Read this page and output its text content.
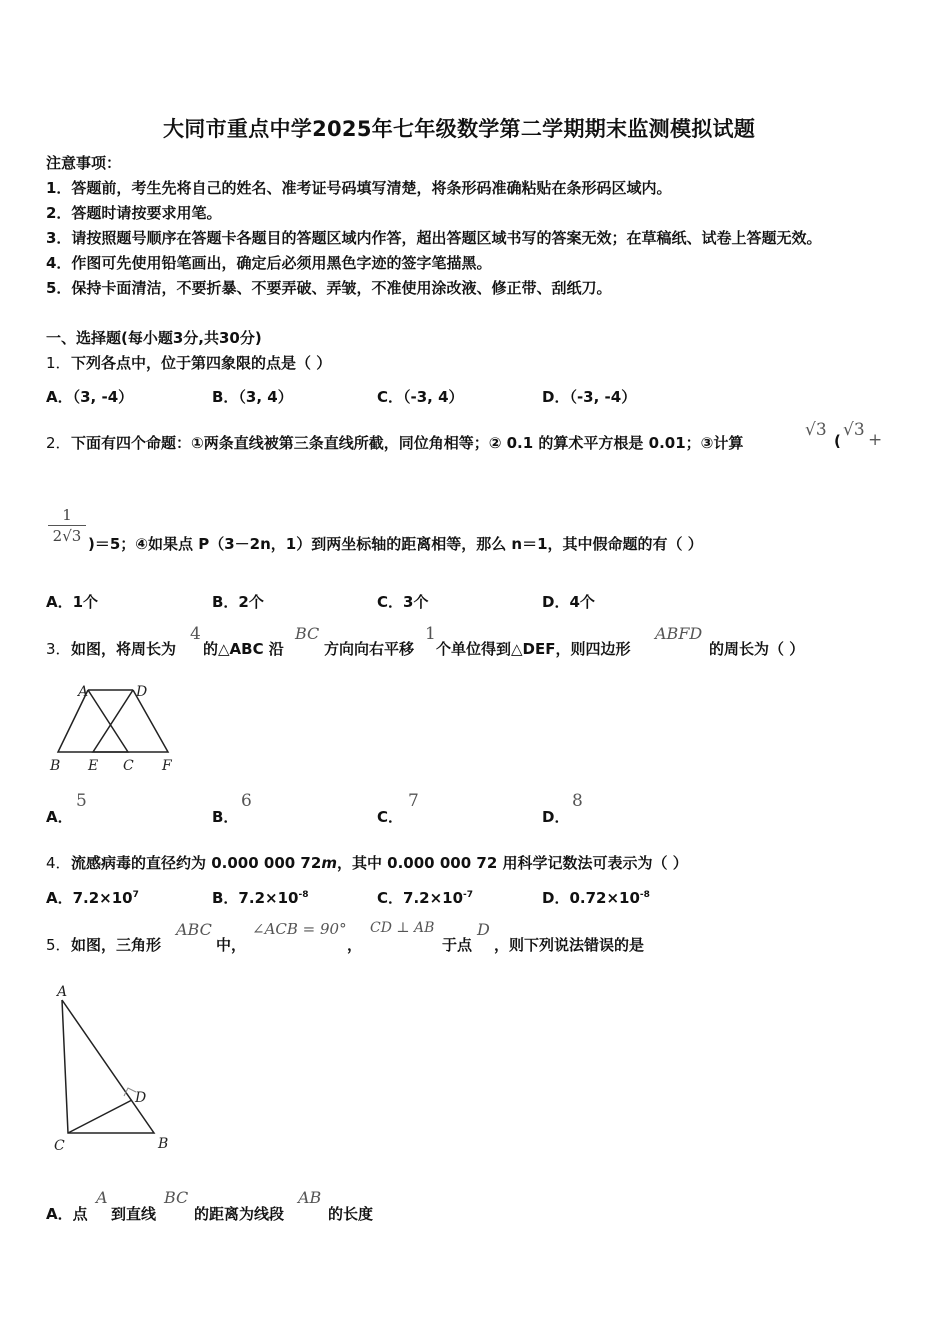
大同市重点中学2025年七年级数学第二学期期末监测模拟试题
注意事项：
1．答题前，考生先将自己的姓名、准考证号码填写清楚，将条形码准确粘贴在条形码区域内。
2．答题时请按要求用笔。
3．请按照题号顺序在答题卡各题目的答题区域内作答，超出答题区域书写的答案无效；在草稿纸、试卷上答题无效。
4．作图可先使用铅笔画出，确定后必须用黑色字迹的签字笔描黑。
5．保持卡面清洁，不要折暴、不要弄破、弄皱，不准使用涂改液、修正带、刮纸刀。
一、选择题(每小题3分,共30分)
1． 下列各点中，位于第四象限的点是（ ）
A．（3, -4）	B．（3, 4）	C．（-3, 4）	D．（-3, -4）
2． 下面有四个命题：①两条直线被第三条直线所截，同位角相等；② 0.1 的算术平方根是 0.01；③计算
√3
(
√3 +
1
2√3 )＝5；④如果点 P（3－2n，1）到两坐标轴的距离相等，那么 n＝1，其中假命题的有（ ）
A．1个	B．2个	C．3个	D．4个
3． 如图，将周长为
4
的△ABC 沿
BC
方向向右平移
1
个单位得到△DEF，则四边形
ABFD
的周长为（ ）
A	D
B E C F
A．
5
B．
6
C．
7
D．
8
4． 流感病毒的直径约为 0.000 000 72m，其中 0.000 000 72 用科学记数法可表示为（ ）
A．$7.2\times 10^7$	B．$7.2\times 10^{-8}$	C．$7.2\times 10^{-7}$	D．$0.72\times 10^{-8}$
5． 如图，三角形
ABC
中，
∠ACB = 90°
，
CD ⊥ AB
于点
D
，则下列说法错误的是
A
D
C	B
A．点
A
到直线
BC
的距离为线段
AB
的长度
